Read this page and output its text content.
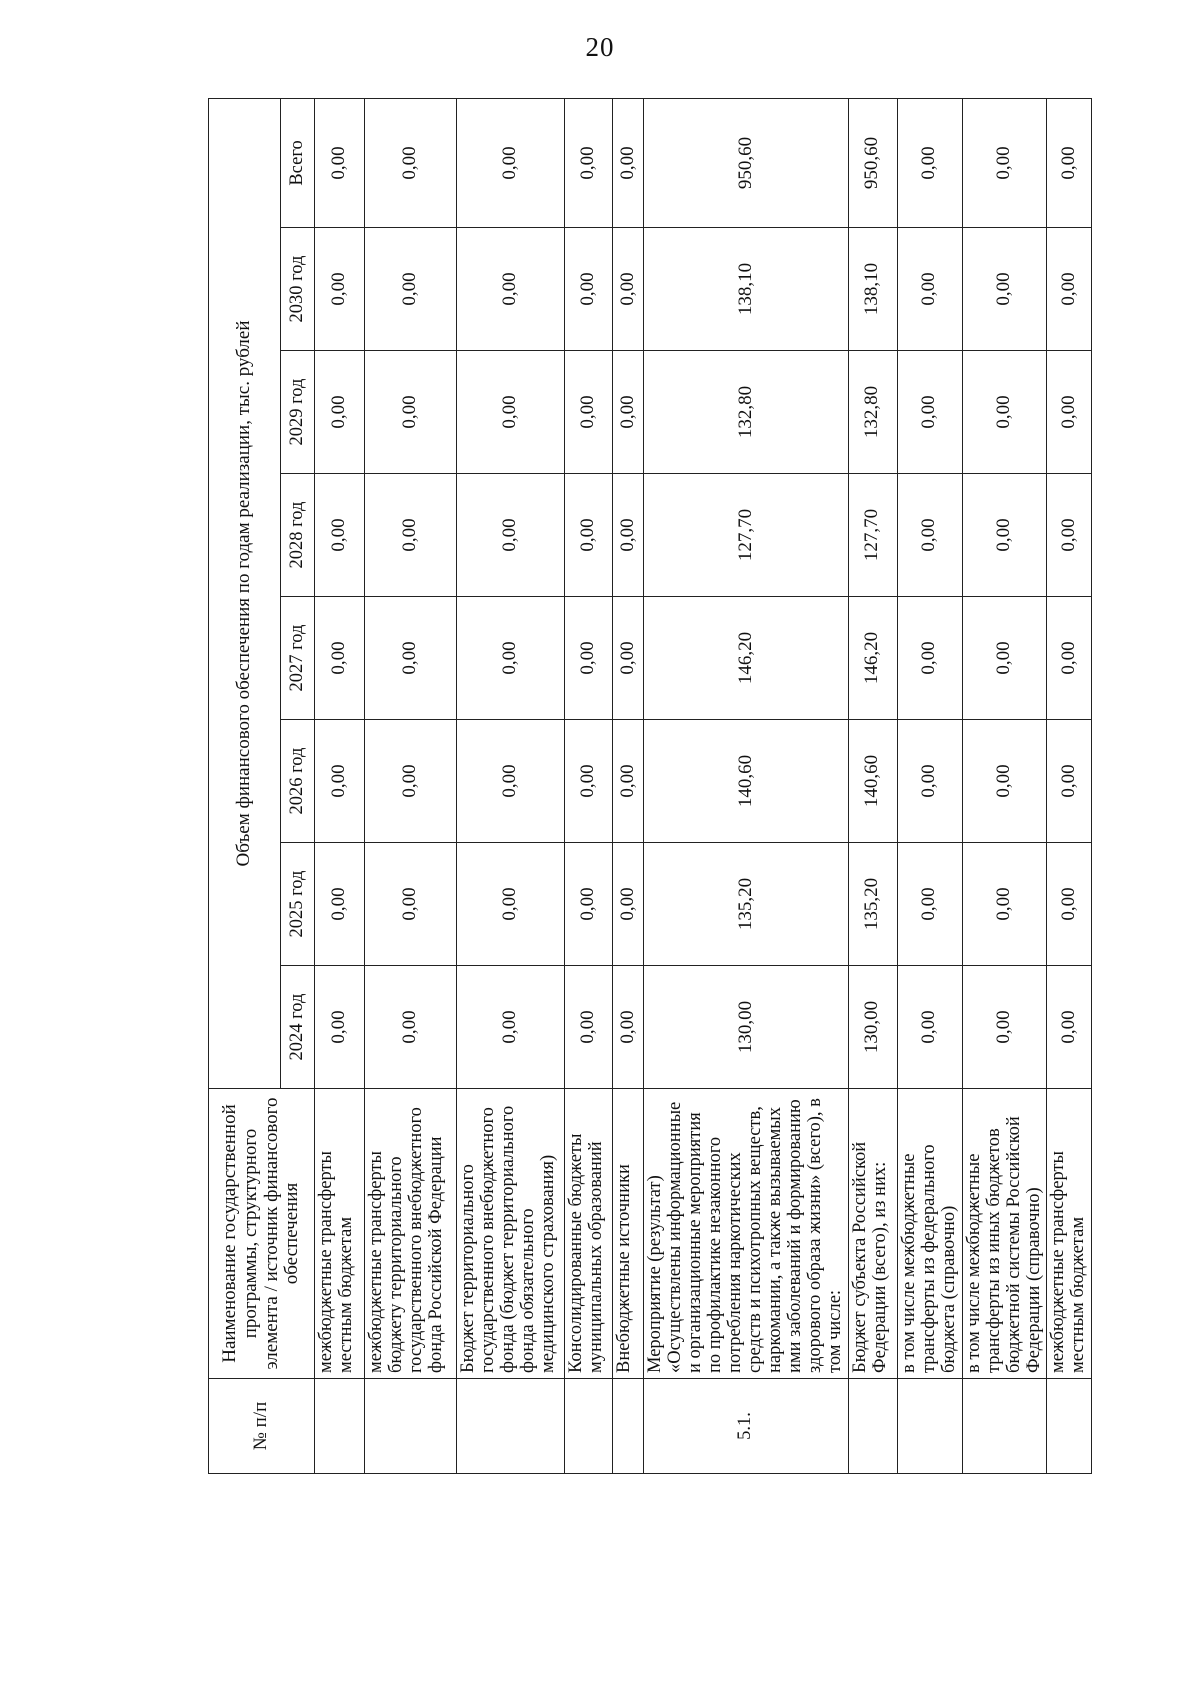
20
№ п/п	Наименование государственной программы, структурного элемента / источник финансового обеспечения	Объем финансового обеспечения по годам реализации, тыс. рублей							
		2024 год	2025 год	2026 год	2027 год	2028 год	2029 год	2030 год	Всего
	межбюджетные трансферты местным бюджетам	0,00	0,00	0,00	0,00	0,00	0,00	0,00	0,00
	межбюджетные трансферты бюджету территориального государственного внебюджетного фонда Российской Федерации	0,00	0,00	0,00	0,00	0,00	0,00	0,00	0,00
	Бюджет территориального государственного внебюджетного фонда (бюджет территориального фонда обязательного медицинского страхования)	0,00	0,00	0,00	0,00	0,00	0,00	0,00	0,00
	Консолидированные бюджеты муниципальных образований	0,00	0,00	0,00	0,00	0,00	0,00	0,00	0,00
	Внебюджетные источники	0,00	0,00	0,00	0,00	0,00	0,00	0,00	0,00
5.1.	Мероприятие (результат) «Осуществлены информационные и организационные мероприятия по профилактике незаконного потребления наркотических средств и психотропных веществ, наркомании, а также вызываемых ими заболеваний и формированию здорового образа жизни» (всего), в том числе:	130,00	135,20	140,60	146,20	127,70	132,80	138,10	950,60
	Бюджет субъекта Российской Федерации (всего), из них:	130,00	135,20	140,60	146,20	127,70	132,80	138,10	950,60
	в том числе межбюджетные трансферты из федерального бюджета (справочно)	0,00	0,00	0,00	0,00	0,00	0,00	0,00	0,00
	в том числе межбюджетные трансферты из иных бюджетов бюджетной системы Российской Федерации (справочно)	0,00	0,00	0,00	0,00	0,00	0,00	0,00	0,00
	межбюджетные трансферты местным бюджетам	0,00	0,00	0,00	0,00	0,00	0,00	0,00	0,00
